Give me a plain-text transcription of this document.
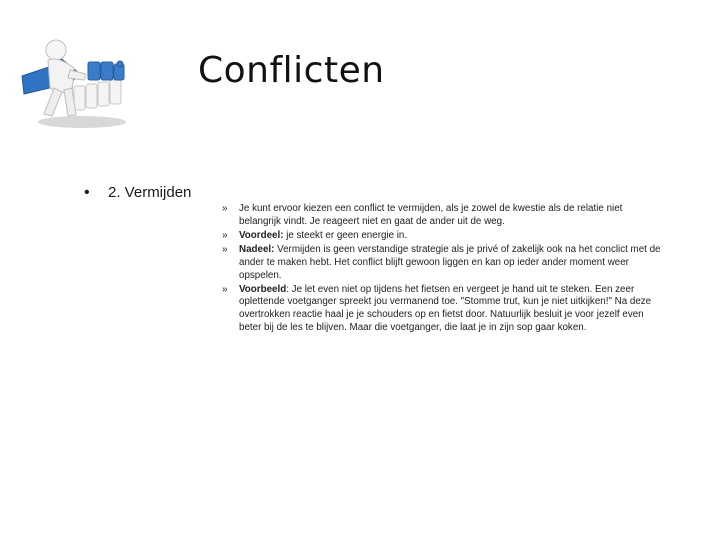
Conflicten
•	2. Vermijden
» Je kunt ervoor kiezen een conflict te vermijden, als je zowel de kwestie als de relatie niet belangrijk vindt. Je reageert niet en gaat de ander uit de weg.
» Voordeel: je steekt er geen energie in.
» Nadeel: Vermijden is geen verstandige strategie als je privé of zakelijk ook na het conclict met de ander te maken hebt. Het conflict blijft gewoon liggen en kan op ieder ander moment weer opspelen.
» Voorbeeld: Je let even niet op tijdens het fietsen en vergeet je hand uit te steken. Een zeer oplettende voetganger spreekt jou vermanend toe. "Stomme trut, kun je niet uitkijken!" Na deze overtrokken reactie haal je je schouders op en fietst door. Natuurlijk besluit je voor jezelf even beter bij de les te blijven. Maar die voetganger, die laat je in zijn sop gaar koken.
